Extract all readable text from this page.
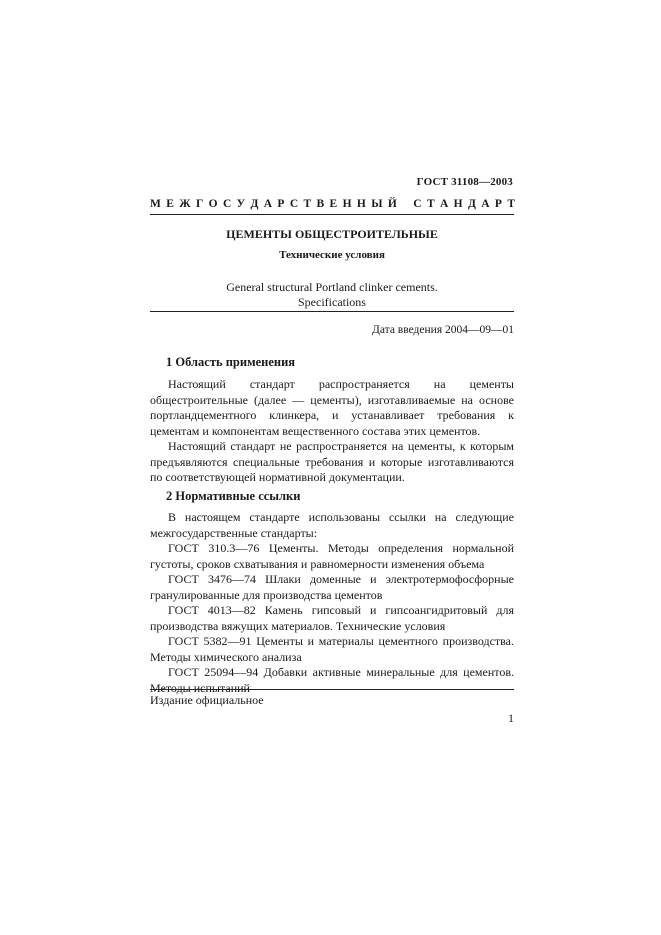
ГОСТ 31108—2003
М Е Ж Г О С У Д А Р С Т В Е Н Н Ы Й
С Т А Н Д А Р Т
ЦЕМЕНТЫ ОБЩЕСТРОИТЕЛЬНЫЕ
Технические условия
General structural Portland clinker cements.
Specifications
Дата введения 2004—09—01
1 Область применения

Настоящий стандарт распространяется на цементы общестроительные (далее — цементы), изготавливаемые на основе портландцементного клинкера, и устанавливает требования к цементам и компонентам вещественного состава этих цементов.

Настоящий стандарт не распространяется на цементы, к которым предъявляются специальные требования и которые изготавливаются по соответствующей нормативной документации.

2 Нормативные ссылки

В настоящем стандарте использованы ссылки на следующие межгосударственные стандарты:

ГОСТ 310.3—76 Цементы. Методы определения нормальной густоты, сроков схватывания и равномерности изменения объема

ГОСТ 3476—74 Шлаки доменные и электротермофосфорные гранулированные для производства цементов

ГОСТ 4013—82 Камень гипсовый и гипсоангидритовый для производства вяжущих материалов. Технические условия

ГОСТ 5382—91 Цементы и материалы цементного производства. Методы химического анализа

ГОСТ 25094—94 Добавки активные минеральные для цементов. Методы испытаний

Издание официальное
1
